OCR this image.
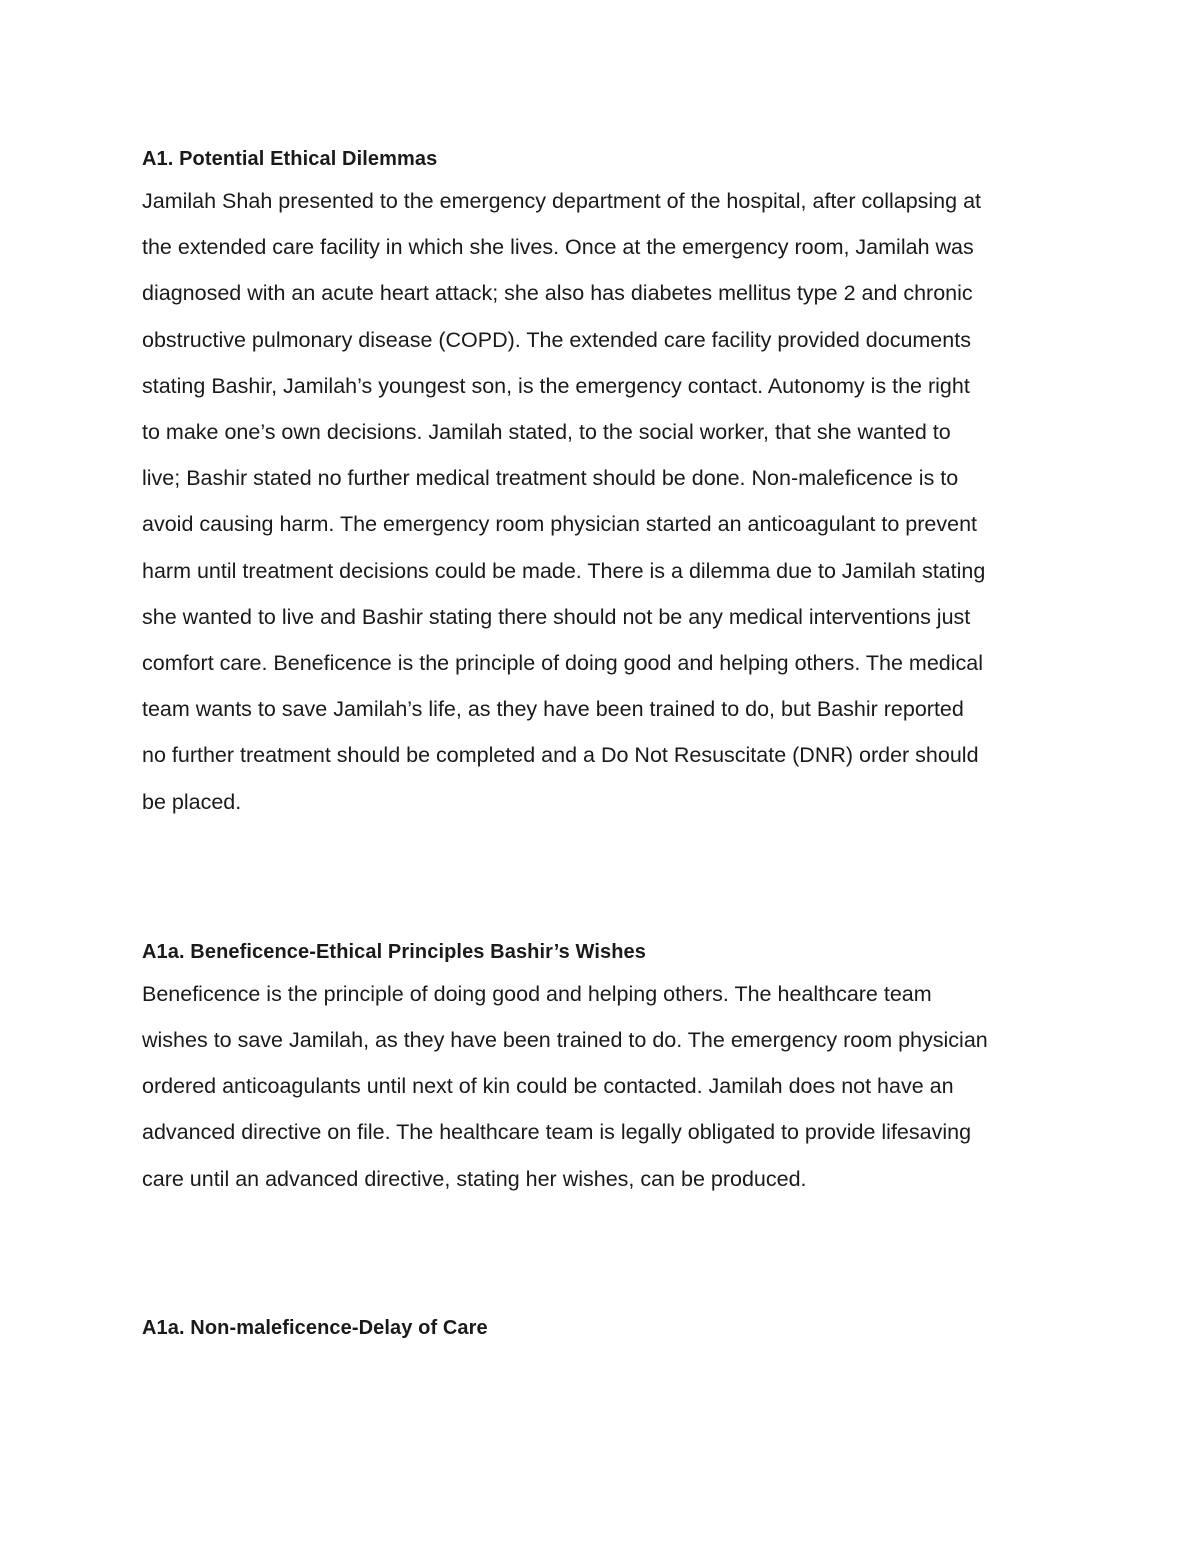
A1. Potential Ethical Dilemmas

Jamilah Shah presented to the emergency department of the hospital, after collapsing at

the extended care facility in which she lives. Once at the emergency room, Jamilah was

diagnosed with an acute heart attack; she also has diabetes mellitus type 2 and chronic

obstructive pulmonary disease (COPD). The extended care facility provided documents

stating Bashir, Jamilah’s youngest son, is the emergency contact. Autonomy is the right

to make one’s own decisions. Jamilah stated, to the social worker, that she wanted to

live; Bashir stated no further medical treatment should be done. Non-maleficence is to

avoid causing harm. The emergency room physician started an anticoagulant to prevent

harm until treatment decisions could be made. There is a dilemma due to Jamilah stating

she wanted to live and Bashir stating there should not be any medical interventions just

comfort care. Beneficence is the principle of doing good and helping others. The medical

team wants to save Jamilah’s life, as they have been trained to do, but Bashir reported

no further treatment should be completed and a Do Not Resuscitate (DNR) order should

be placed.

A1a. Beneficence-Ethical Principles Bashir’s Wishes

Beneficence is the principle of doing good and helping others. The healthcare team

wishes to save Jamilah, as they have been trained to do. The emergency room physician

ordered anticoagulants until next of kin could be contacted. Jamilah does not have an

advanced directive on file. The healthcare team is legally obligated to provide lifesaving

care until an advanced directive, stating her wishes, can be produced.

A1a. Non-maleficence-Delay of Care
